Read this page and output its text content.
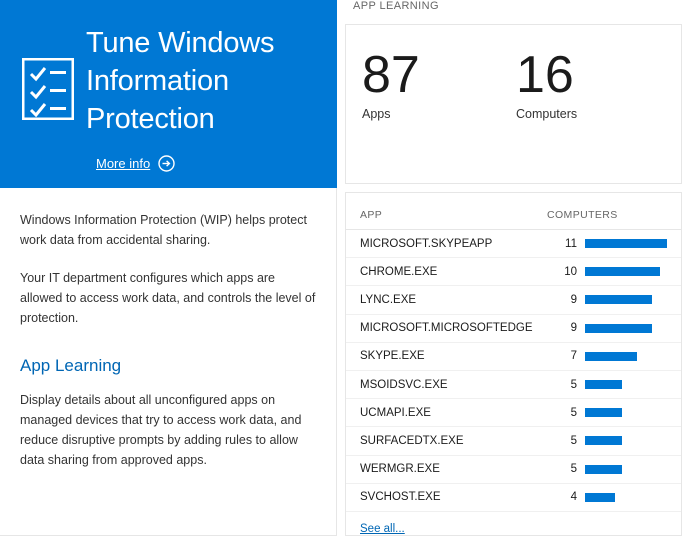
Tune Windows Information Protection
More info

Windows Information Protection (WIP) helps protect work data from accidental sharing.

Your IT department configures which apps are allowed to access work data, and controls the level of protection.

App Learning

Display details about all unconfigured apps on managed devices that try to access work data, and reduce disruptive prompts by adding rules to allow data sharing from approved apps.

APP LEARNING
87
Apps
16
Computers
APP	COMPUTERS
MICROSOFT.SKYPEAPP	11
CHROME.EXE	10
LYNC.EXE	9
MICROSOFT.MICROSOFTEDGE	9
SKYPE.EXE	7
MSOIDSVC.EXE	5
UCMAPI.EXE	5
SURFACEDTX.EXE	5
WERMGR.EXE	5
SVCHOST.EXE	4
See all...
